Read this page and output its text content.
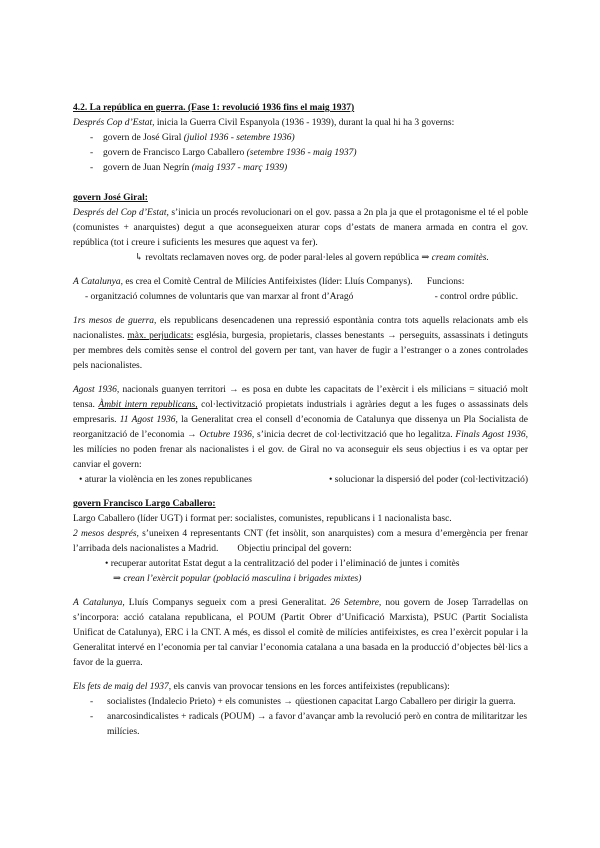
4.2. La república en guerra. (Fase 1: revolució 1936 fins el maig 1937)

Després Cop d’Estat, inicia la Guerra Civil Espanyola (1936 - 1939), durant la qual hi ha 3 governs:

- govern de José Giral (juliol 1936 - setembre 1936)
- govern de Francisco Largo Caballero (setembre 1936 - maig 1937)
- govern de Juan Negrín (maig 1937 - març 1939)

govern José Giral:

Després del Cop d’Estat, s’inicia un procés revolucionari on el gov. passa a 2n pla ja que el protagonisme el té el poble (comunistes + anarquistes) degut a que aconsegueixen aturar cops d’estats de manera armada en contra el gov. república (tot i creure i suficients les mesures que aquest va fer).

↳ revoltats reclamaven noves org. de poder paral·leles al govern república ⇒ cream comitès.

A Catalunya, es crea el Comitè Central de Milícies Antifeixistes (líder: Lluís Companys). Funcions:

- organització columnes de voluntaris que van marxar al front d’Aragó	- control ordre públic.

1rs mesos de guerra, els republicans desencadenen una repressió espontània contra tots aquells relacionats amb els nacionalistes. màx. perjudicats: església, burgesia, propietaris, classes benestants → perseguits, assassinats i detinguts per membres dels comitès sense el control del govern per tant, van haver de fugir a l’estranger o a zones controlades pels nacionalistes.

Agost 1936, nacionals guanyen territori → es posa en dubte les capacitats de l’exèrcit i els milicians = situació molt tensa. Àmbit intern republicans, col·lectivització propietats industrials i agràries degut a les fuges o assassinats dels empresaris. 11 Agost 1936, la Generalitat crea el consell d’economia de Catalunya que dissenya un Pla Socialista de reorganització de l’economia → Octubre 1936, s’inicia decret de col·lectivització que ho legalitza. Finals Agost 1936, les milícies no poden frenar als nacionalistes i el gov. de Giral no va aconseguir els seus objectius i es va optar per canviar el govern:

• aturar la violència en les zones republicanes	• solucionar la dispersió del poder (col·lectivització)

govern Francisco Largo Caballero:

Largo Caballero (líder UGT) i format per: socialistes, comunistes, republicans i 1 nacionalista basc.

2 mesos després, s’uneixen 4 representants CNT (fet insòlit, son anarquistes) com a mesura d’emergència per frenar l’arribada dels nacionalistes a Madrid. Objectiu principal del govern:

• recuperar autoritat Estat degut a la centralització del poder i l’eliminació de juntes i comitès

⇒ crean l’exèrcit popular (població masculina i brigades mixtes)

A Catalunya, Lluís Companys segueix com a presi Generalitat. 26 Setembre, nou govern de Josep Tarradellas on s’incorpora: acció catalana republicana, el POUM (Partit Obrer d’Unificació Marxista), PSUC (Partit Socialista Unificat de Catalunya), ERC i la CNT. A més, es dissol el comitè de milícies antifeixistes, es crea l’exèrcit popular i la Generalitat intervé en l’economia per tal canviar l’economia catalana a una basada en la producció d’objectes bèl·lics a favor de la guerra.

Els fets de maig del 1937, els canvis van provocar tensions en les forces antifeixistes (republicans):

- socialistes (Indalecio Prieto) + els comunistes → qüestionen capacitat Largo Caballero per dirigir la guerra.
- anarcosindicalistes + radicals (POUM) → a favor d’avançar amb la revolució però en contra de militaritzar les milícies.
